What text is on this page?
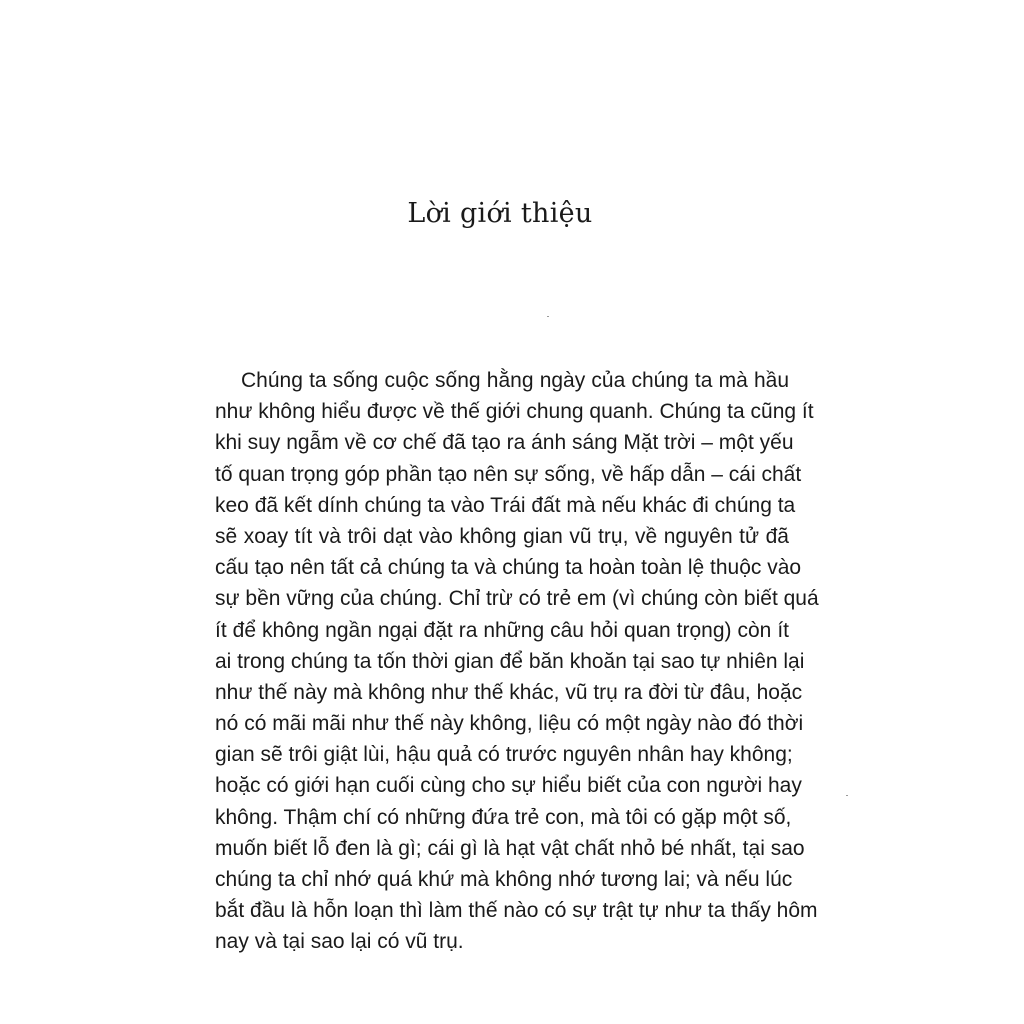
Lời giới thiệu
Chúng ta sống cuộc sống hằng ngày của chúng ta mà hầu
như không hiểu được về thế giới chung quanh. Chúng ta cũng ít
khi suy ngẫm về cơ chế đã tạo ra ánh sáng Mặt trời – một yếu
tố quan trọng góp phần tạo nên sự sống, về hấp dẫn – cái chất
keo đã kết dính chúng ta vào Trái đất mà nếu khác đi chúng ta
sẽ xoay tít và trôi dạt vào không gian vũ trụ, về nguyên tử đã
cấu tạo nên tất cả chúng ta và chúng ta hoàn toàn lệ thuộc vào
sự bền vững của chúng. Chỉ trừ có trẻ em (vì chúng còn biết quá
ít để không ngần ngại đặt ra những câu hỏi quan trọng) còn ít
ai trong chúng ta tốn thời gian để băn khoăn tại sao tự nhiên lại
như thế này mà không như thế khác, vũ trụ ra đời từ đâu, hoặc
nó có mãi mãi như thế này không, liệu có một ngày nào đó thời
gian sẽ trôi giật lùi, hậu quả có trước nguyên nhân hay không;
hoặc có giới hạn cuối cùng cho sự hiểu biết của con người hay
không. Thậm chí có những đứa trẻ con, mà tôi có gặp một số,
muốn biết lỗ đen là gì; cái gì là hạt vật chất nhỏ bé nhất, tại sao
chúng ta chỉ nhớ quá khứ mà không nhớ tương lai; và nếu lúc
bắt đầu là hỗn loạn thì làm thế nào có sự trật tự như ta thấy hôm
nay và tại sao lại có vũ trụ.
